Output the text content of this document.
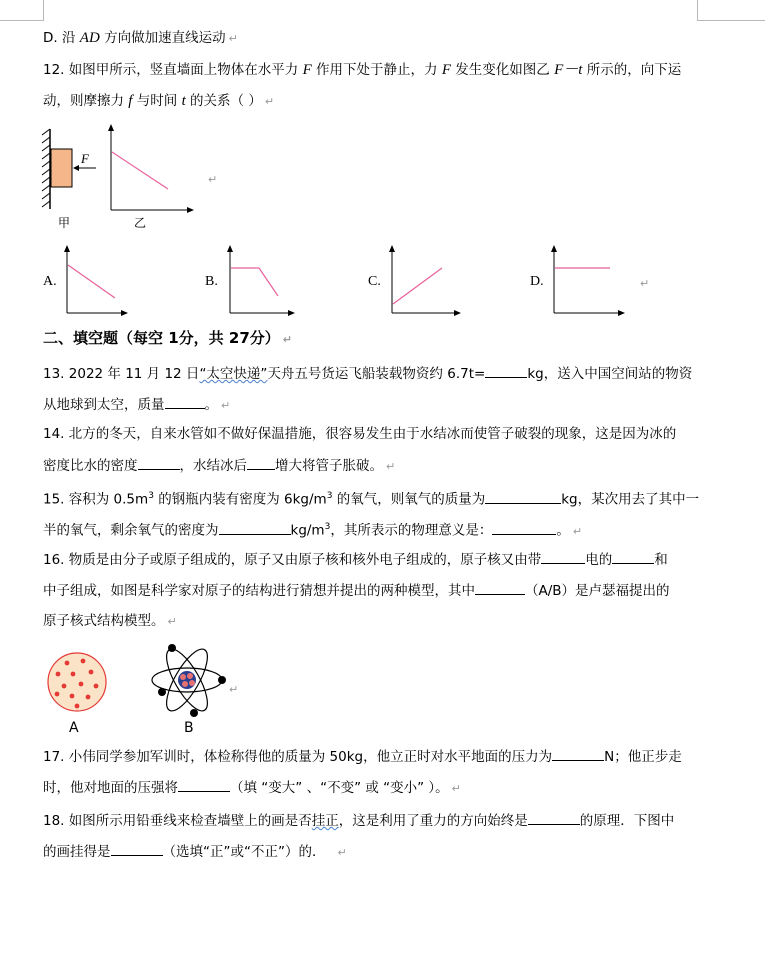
D. 沿 AD 方向做加速直线运动 ↵
12. 如图甲所示，竖直墙面上物体在水平力 F 作用下处于静止，力 F 发生变化如图乙 F－t 所示的，向下运
动，则摩擦力 f 与时间 t 的关系（ ） ↵
F
甲	乙
↵
A.	B.	C.	D.	↵
二、填空题（每空 1分，共 27分） ↵
13. 2022 年 11 月 12 日“太空快递”天舟五号货运飞船装载物资约 6.7t=	kg，送入中国空间站的物资
从地球到太空，质量	。 ↵
14. 北方的冬天，自来水管如不做好保温措施，很容易发生由于水结冰而使管子破裂的现象，这是因为冰的
密度比水的密度	，水结冰后 增大将管子胀破。 ↵
15. 容积为 $0.5m^3$ 的钢瓶内装有密度为 $6kg/m^3$ 的氧气，则氧气的质量为	kg，某次用去了其中一
半的氧气，剩余氧气的密度为	$kg/m^3$，其所表示的物理意义是：	。 ↵
16. 物质是由分子或原子组成的，原子又由原子核和核外电子组成的，原子核又由带	电的	和
中子组成，如图是科学家对原子的结构进行猜想并提出的两种模型，其中	（A/B）是卢瑟福提出的
原子核式结构模型。 ↵
A	B
↵
17. 小伟同学参加军训时，体检称得他的质量为 50kg，他立正时对水平地面的压力为	N；他正步走
时，他对地面的压强将	（填 “变大” 、“不变” 或 “变小” ）。 ↵
18. 如图所示用铅垂线来检查墙壁上的画是否挂正，这是利用了重力的方向始终是	的原理．下图中
的画挂得是	（选填“正”或“不正”）的． ↵
